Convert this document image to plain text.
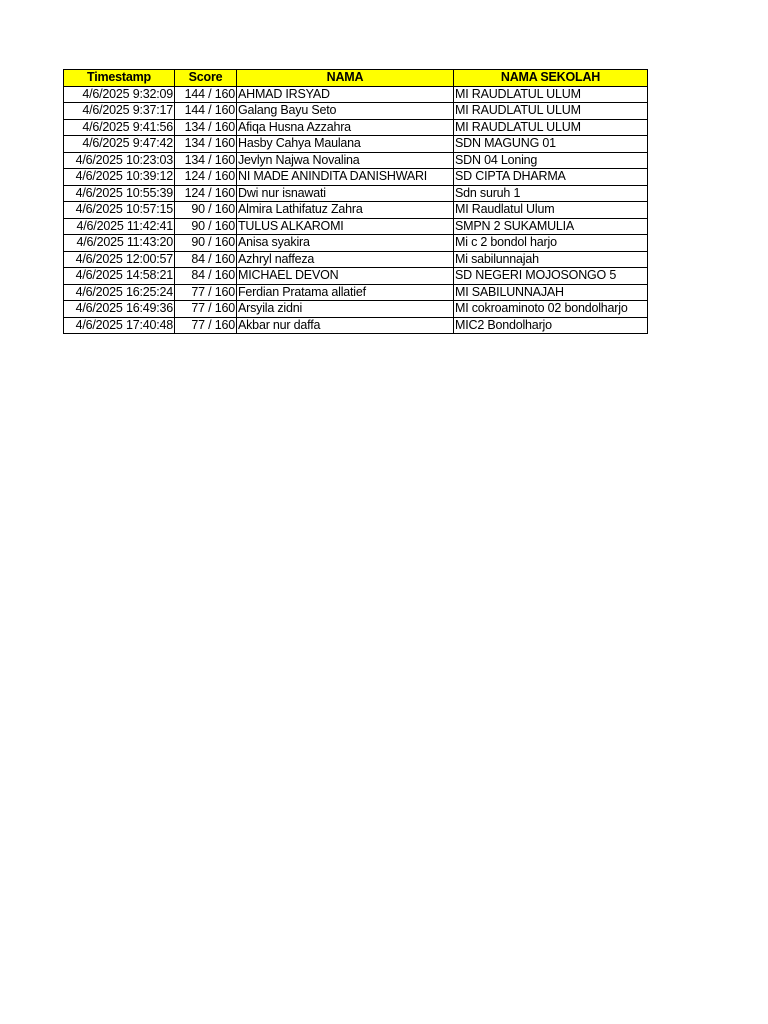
Timestamp	Score	NAMA	NAMA SEKOLAH
4/6/2025 9:32:09	144 / 160	AHMAD IRSYAD	MI RAUDLATUL ULUM
4/6/2025 9:37:17	144 / 160	Galang Bayu Seto	MI RAUDLATUL ULUM
4/6/2025 9:41:56	134 / 160	Afiqa Husna Azzahra	MI RAUDLATUL ULUM
4/6/2025 9:47:42	134 / 160	Hasby Cahya Maulana	SDN MAGUNG 01
4/6/2025 10:23:03	134 / 160	Jevlyn Najwa Novalina	SDN 04 Loning
4/6/2025 10:39:12	124 / 160	NI MADE ANINDITA DANISHWARI	SD CIPTA DHARMA
4/6/2025 10:55:39	124 / 160	Dwi nur isnawati	Sdn suruh 1
4/6/2025 10:57:15	90 / 160	Almira Lathifatuz Zahra	MI Raudlatul Ulum
4/6/2025 11:42:41	90 / 160	TULUS ALKAROMI	SMPN 2 SUKAMULIA
4/6/2025 11:43:20	90 / 160	Anisa syakira	Mi c 2 bondol harjo
4/6/2025 12:00:57	84 / 160	Azhryl naffeza	Mi sabilunnajah
4/6/2025 14:58:21	84 / 160	MICHAEL DEVON	SD NEGERI MOJOSONGO 5
4/6/2025 16:25:24	77 / 160	Ferdian Pratama allatief	MI SABILUNNAJAH
4/6/2025 16:49:36	77 / 160	Arsyila zidni	MI cokroaminoto 02 bondolharjo
4/6/2025 17:40:48	77 / 160	Akbar nur daffa	MIC2 Bondolharjo
